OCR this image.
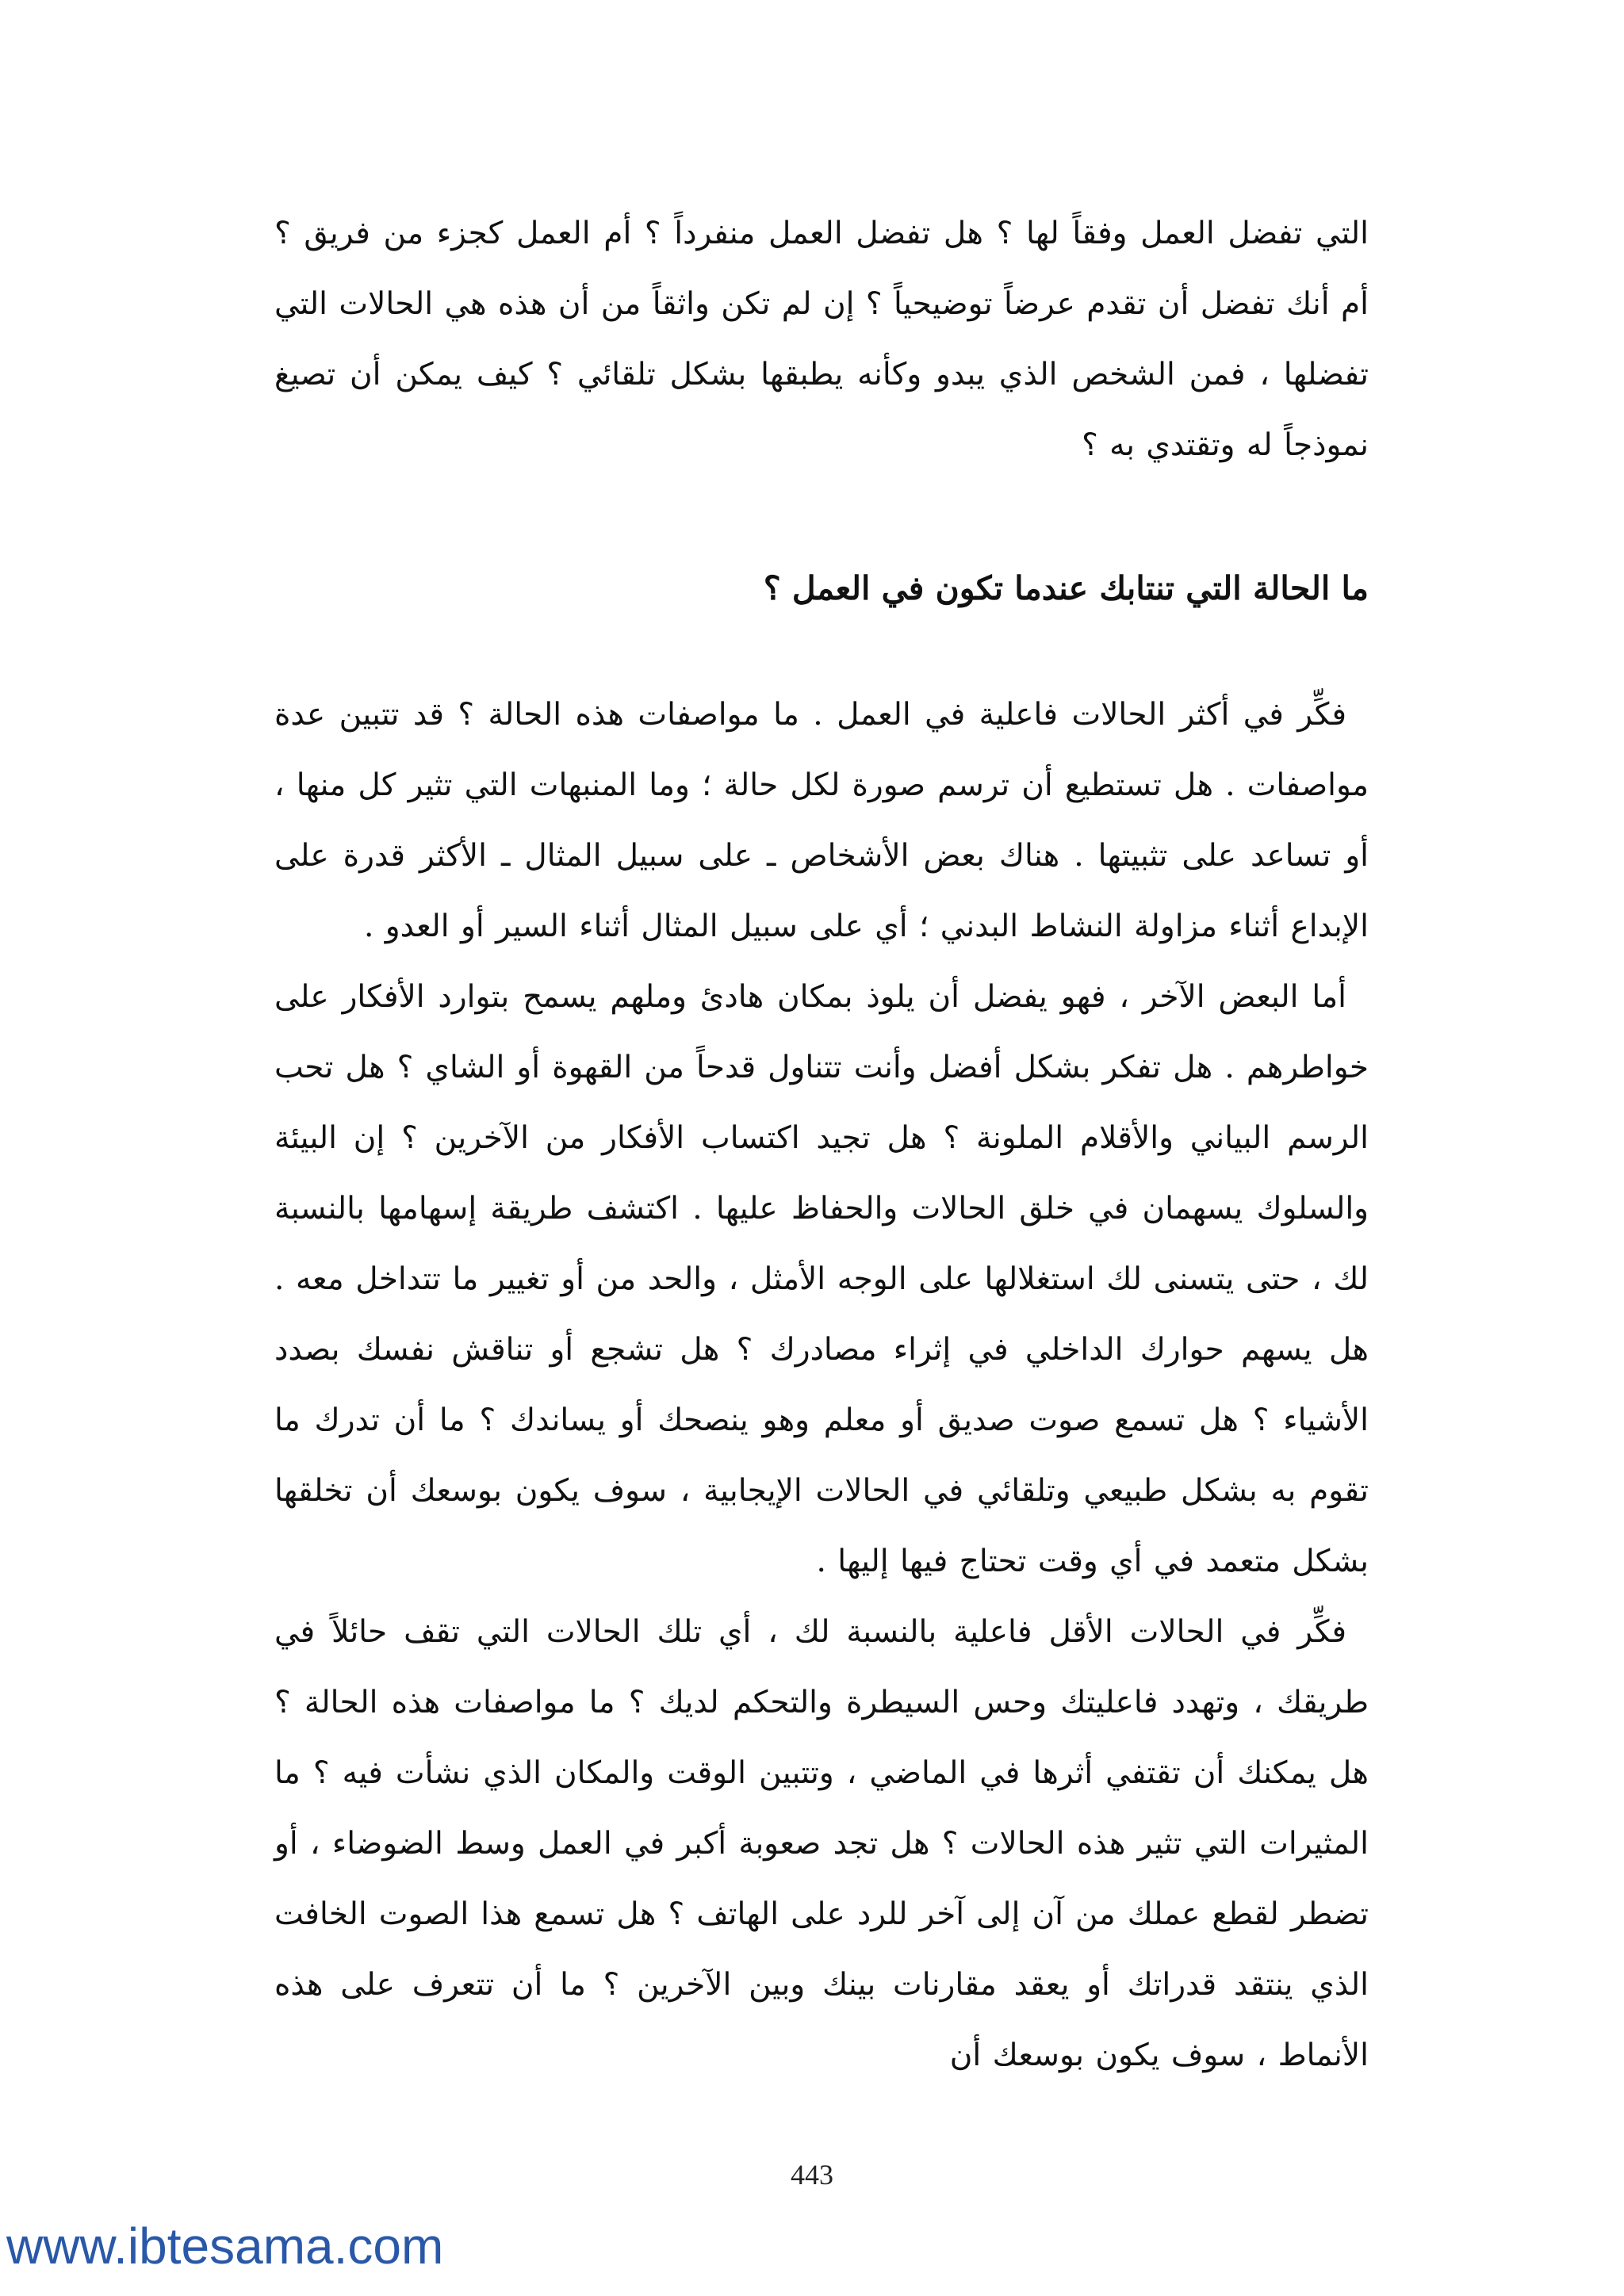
التي تفضل العمل وفقاً لها ؟ هل تفضل العمل منفرداً ؟ أم العمل كجزء من فريق ؟ أم أنك تفضل أن تقدم عرضاً توضيحياً ؟ إن لم تكن واثقاً من أن هذه هي الحالات التي تفضلها ، فمن الشخص الذي يبدو وكأنه يطبقها بشكل تلقائي ؟ كيف يمكن أن تصيغ نموذجاً له وتقتدي به ؟

ما الحالة التي تنتابك عندما تكون في العمل ؟

فكِّر في أكثر الحالات فاعلية في العمل . ما مواصفات هذه الحالة ؟ قد تتبين عدة مواصفات . هل تستطيع أن ترسم صورة لكل حالة ؛ وما المنبهات التي تثير كل منها ، أو تساعد على تثبيتها . هناك بعض الأشخاص ـ على سبيل المثال ـ الأكثر قدرة على الإبداع أثناء مزاولة النشاط البدني ؛ أي على سبيل المثال أثناء السير أو العدو .

أما البعض الآخر ، فهو يفضل أن يلوذ بمكان هادئ وملهم يسمح بتوارد الأفكار على خواطرهم . هل تفكر بشكل أفضل وأنت تتناول قدحاً من القهوة أو الشاي ؟ هل تحب الرسم البياني والأقلام الملونة ؟ هل تجيد اكتساب الأفكار من الآخرين ؟ إن البيئة والسلوك يسهمان في خلق الحالات والحفاظ عليها . اكتشف طريقة إسهامها بالنسبة لك ، حتى يتسنى لك استغلالها على الوجه الأمثل ، والحد من أو تغيير ما تتداخل معه . هل يسهم حوارك الداخلي في إثراء مصادرك ؟ هل تشجع أو تناقش نفسك بصدد الأشياء ؟ هل تسمع صوت صديق أو معلم وهو ينصحك أو يساندك ؟ ما أن تدرك ما تقوم به بشكل طبيعي وتلقائي في الحالات الإيجابية ، سوف يكون بوسعك أن تخلقها بشكل متعمد في أي وقت تحتاج فيها إليها .

فكِّر في الحالات الأقل فاعلية بالنسبة لك ، أي تلك الحالات التي تقف حائلاً في طريقك ، وتهدد فاعليتك وحس السيطرة والتحكم لديك ؟ ما مواصفات هذه الحالة ؟ هل يمكنك أن تقتفي أثرها في الماضي ، وتتبين الوقت والمكان الذي نشأت فيه ؟ ما المثيرات التي تثير هذه الحالات ؟ هل تجد صعوبة أكبر في العمل وسط الضوضاء ، أو تضطر لقطع عملك من آن إلى آخر للرد على الهاتف ؟ هل تسمع هذا الصوت الخافت الذي ينتقد قدراتك أو يعقد مقارنات بينك وبين الآخرين ؟ ما أن تتعرف على هذه الأنماط ، سوف يكون بوسعك أن

443
www.ibtesama.com
